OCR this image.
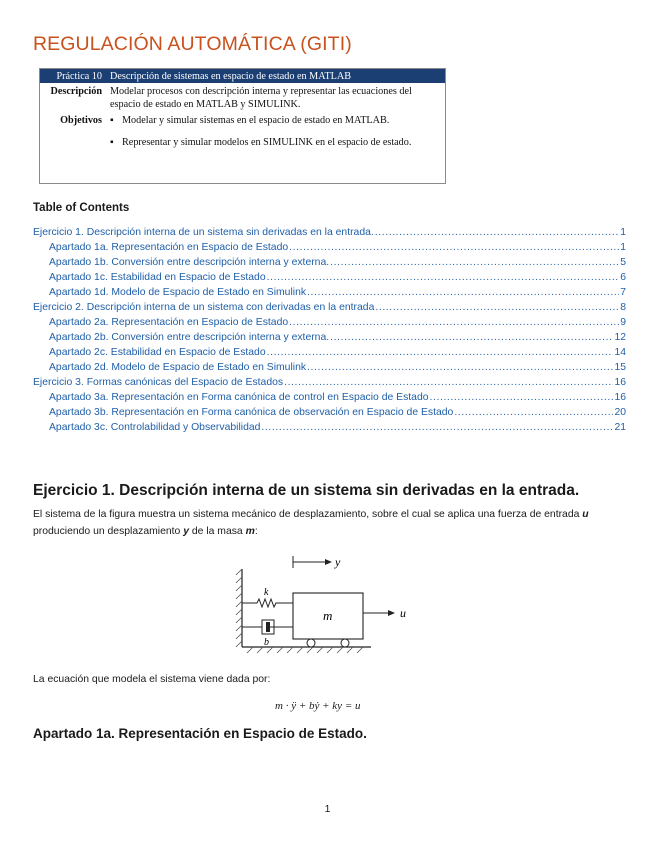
REGULACIÓN AUTOMÁTICA (GITI)
Práctica 10 Descripción de sistemas en espacio de estado en MATLAB
Descripción Modelar procesos con descripción interna y representar las ecuaciones del espacio de estado en MATLAB y SIMULINK.
Objetivos ▪ Modelar y simular sistemas en el espacio de estado en MATLAB.
▪ Representar y simular modelos en SIMULINK en el espacio de estado.
Table of Contents
Ejercicio 1. Descripción interna de un sistema sin derivadas en la entrada. .....	1
Apartado 1a. Representación en Espacio de Estado .....	1
Apartado 1b. Conversión entre descripción interna y externa. .....	5
Apartado 1c. Estabilidad en Espacio de Estado .....	6
Apartado 1d. Modelo de Espacio de Estado en Simulink .....	7
Ejercicio 2. Descripción interna de un sistema con derivadas en la entrada .....	8
Apartado 2a. Representación en Espacio de Estado .....	9
Apartado 2b. Conversión entre descripción interna y externa. .....	12
Apartado 2c. Estabilidad en Espacio de Estado .....	14
Apartado 2d. Modelo de Espacio de Estado en Simulink .....	15
Ejercicio 3. Formas canónicas del Espacio de Estados .....	16
Apartado 3a. Representación en Forma canónica de control en Espacio de Estado .....	16
Apartado 3b. Representación en Forma canónica de observación en Espacio de Estado .....	20
Apartado 3c. Controlabilidad y Observabilidad .....	21
Ejercicio 1. Descripción interna de un sistema sin derivadas en la entrada.
El sistema de la figura muestra un sistema mecánico de desplazamiento, sobre el cual se aplica una fuerza de entrada u produciendo un desplazamiento y de la masa m:
y
k
b
m	u
La ecuación que modela el sistema viene dada por:
m · ÿ + bẏ + ky = u
Apartado 1a. Representación en Espacio de Estado.
1
